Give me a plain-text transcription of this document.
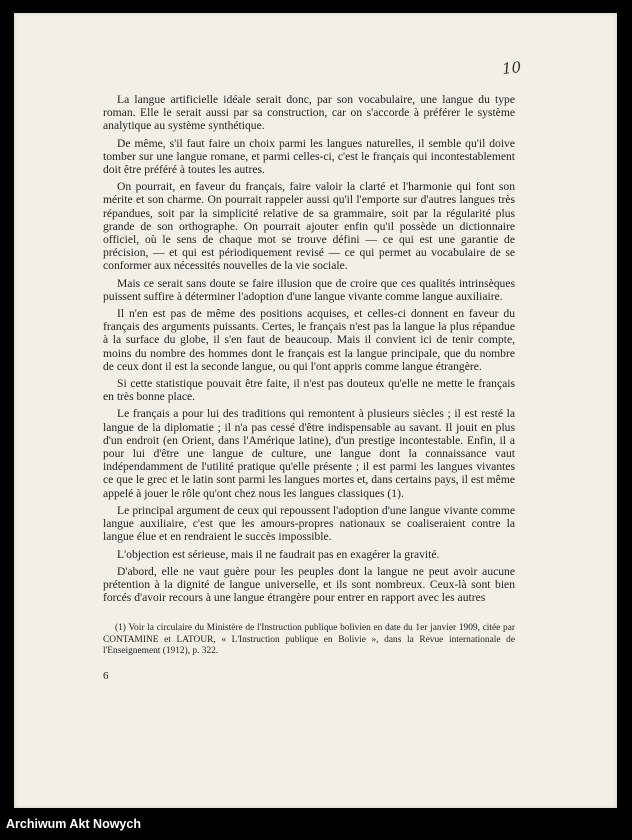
10

La langue artificielle idéale serait donc, par son vocabulaire, une langue du type roman. Elle le serait aussi par sa construction, car on s'accorde à préférer le système analytique au système synthétique.

De même, s'il faut faire un choix parmi les langues naturelles, il semble qu'il doive tomber sur une langue romane, et parmi celles-ci, c'est le français qui incontestablement doit être préféré à toutes les autres.

On pourrait, en faveur du français, faire valoir la clarté et l'harmonie qui font son mérite et son charme. On pourrait rappeler aussi qu'il l'emporte sur d'autres langues très répandues, soit par la simplicité relative de sa grammaire, soit par la régularité plus grande de son orthographe. On pourrait ajouter enfin qu'il possède un dictionnaire officiel, où le sens de chaque mot se trouve défini — ce qui est une garantie de précision, — et qui est périodiquement revisé — ce qui permet au vocabulaire de se conformer aux nécessités nouvelles de la vie sociale.

Mais ce serait sans doute se faire illusion que de croire que ces qualités intrinsèques puissent suffire à déterminer l'adoption d'une langue vivante comme langue auxiliaire.

Il n'en est pas de même des positions acquises, et celles-ci donnent en faveur du français des arguments puissants. Certes, le français n'est pas la langue la plus répandue à la surface du globe, il s'en faut de beaucoup. Mais il convient ici de tenir compte, moins du nombre des hommes dont le français est la langue principale, que du nombre de ceux dont il est la seconde langue, ou qui l'ont appris comme langue étrangère.

Si cette statistique pouvait être faite, il n'est pas douteux qu'elle ne mette le français en très bonne place.

Le français a pour lui des traditions qui remontent à plusieurs siècles ; il est resté la langue de la diplomatie ; il n'a pas cessé d'être indispensable au savant. Il jouit en plus d'un endroit (en Orient, dans l'Amérique latine), d'un prestige incontestable. Enfin, il a pour lui d'être une langue de culture, une langue dont la connaissance vaut indépendamment de l'utilité pratique qu'elle présente ; il est parmi les langues vivantes ce que le grec et le latin sont parmi les langues mortes et, dans certains pays, il est même appelé à jouer le rôle qu'ont chez nous les langues classiques (1).

Le principal argument de ceux qui repoussent l'adoption d'une langue vivante comme langue auxiliaire, c'est que les amours-propres nationaux se coaliseraient contre la langue élue et en rendraient le succès impossible.

L'objection est sérieuse, mais il ne faudrait pas en exagérer la gravité.

D'abord, elle ne vaut guère pour les peuples dont la langue ne peut avoir aucune prétention à la dignité de langue universelle, et ils sont nombreux. Ceux-là sont bien forcés d'avoir recours à une langue étrangère pour entrer en rapport avec les autres

(1) Voir la circulaire du Ministère de l'Instruction publique bolivien en date du 1er janvier 1909, citée par CONTAMINE et LATOUR, « L'Instruction publique en Bolivie », dans la Revue internationale de l'Enseignement (1912), p. 322.

6
Archiwum Akt Nowych
